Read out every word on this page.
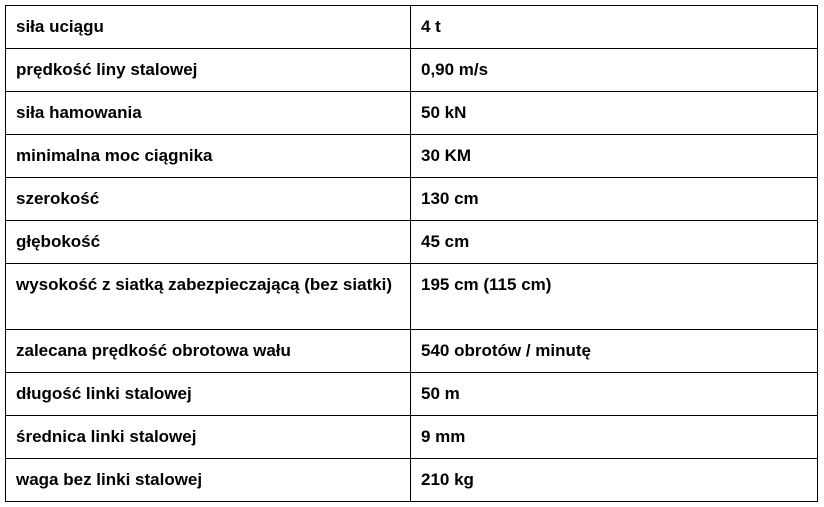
siła uciągu	4 t
prędkość liny stalowej	0,90 m/s
siła hamowania	50 kN
minimalna moc ciągnika	30 KM
szerokość	130 cm
głębokość	45 cm
wysokość z siatką zabezpieczającą (bez siatki)	195 cm (115 cm)
zalecana prędkość obrotowa wału	540 obrotów / minutę
długość linki stalowej	50 m
średnica linki stalowej	9 mm
waga bez linki stalowej	210 kg
